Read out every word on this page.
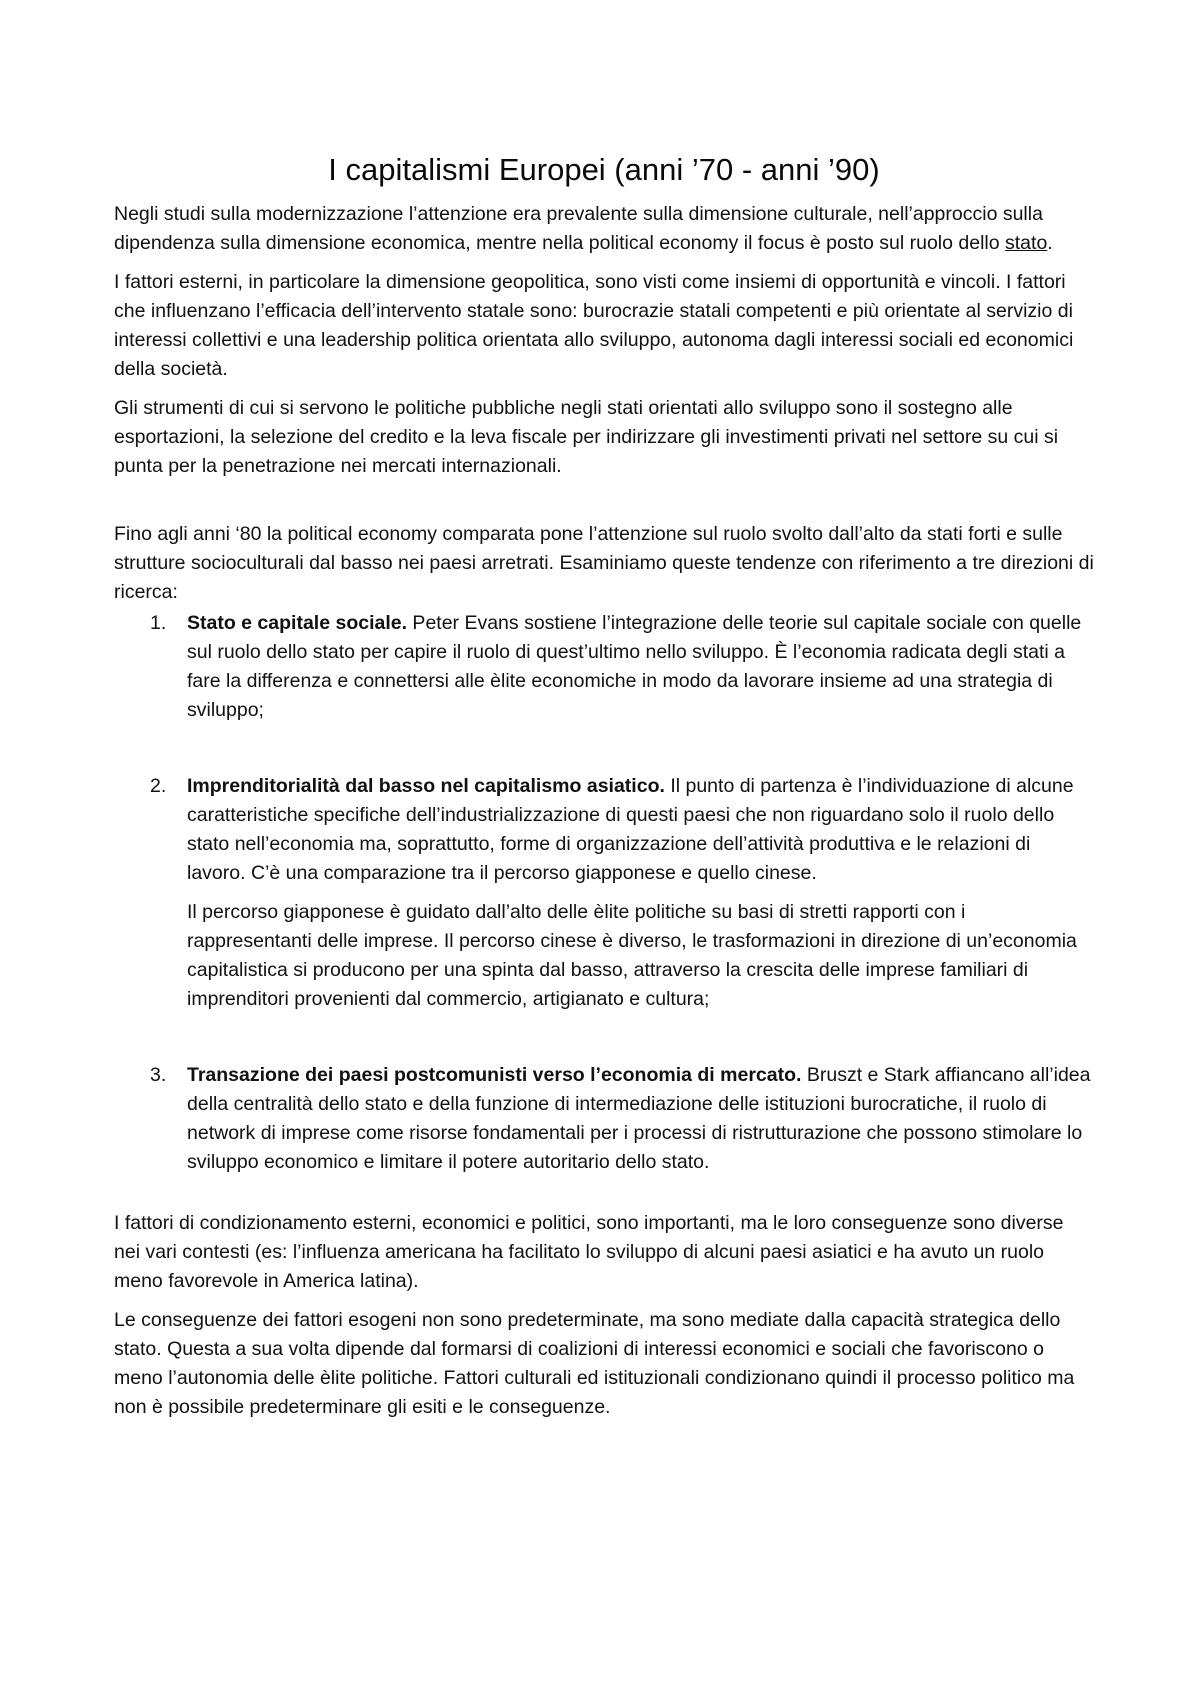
I capitalismi Europei (anni ’70 - anni ’90)

Negli studi sulla modernizzazione l’attenzione era prevalente sulla dimensione culturale, nell’approccio sulla dipendenza sulla dimensione economica, mentre nella political economy il focus è posto sul ruolo dello stato.

I fattori esterni, in particolare la dimensione geopolitica, sono visti come insiemi di opportunità e vincoli. I fattori che influenzano l’efficacia dell’intervento statale sono: burocrazie statali competenti e più orientate al servizio di interessi collettivi e una leadership politica orientata allo sviluppo, autonoma dagli interessi sociali ed economici della società.

Gli strumenti di cui si servono le politiche pubbliche negli stati orientati allo sviluppo sono il sostegno alle esportazioni, la selezione del credito e la leva fiscale per indirizzare gli investimenti privati nel settore su cui si punta per la penetrazione nei mercati internazionali.

Fino agli anni ‘80 la political economy comparata pone l’attenzione sul ruolo svolto dall’alto da stati forti e sulle strutture socioculturali dal basso nei paesi arretrati. Esaminiamo queste tendenze con riferimento a tre direzioni di ricerca:

1. Stato e capitale sociale. Peter Evans sostiene l’integrazione delle teorie sul capitale sociale con quelle sul ruolo dello stato per capire il ruolo di quest’ultimo nello sviluppo. È l’economia radicata degli stati a fare la differenza e connettersi alle èlite economiche in modo da lavorare insieme ad una strategia di sviluppo;

2. Imprenditorialità dal basso nel capitalismo asiatico. Il punto di partenza è l’individuazione di alcune caratteristiche specifiche dell’industrializzazione di questi paesi che non riguardano solo il ruolo dello stato nell’economia ma, soprattutto, forme di organizzazione dell’attività produttiva e le relazioni di lavoro. C’è una comparazione tra il percorso giapponese e quello cinese.

Il percorso giapponese è guidato dall’alto delle èlite politiche su basi di stretti rapporti con i rappresentanti delle imprese. Il percorso cinese è diverso, le trasformazioni in direzione di un’economia capitalistica si producono per una spinta dal basso, attraverso la crescita delle imprese familiari di imprenditori provenienti dal commercio, artigianato e cultura;

3. Transazione dei paesi postcomunisti verso l’economia di mercato. Bruszt e Stark affiancano all’idea della centralità dello stato e della funzione di intermediazione delle istituzioni burocratiche, il ruolo di network di imprese come risorse fondamentali per i processi di ristrutturazione che possono stimolare lo sviluppo economico e limitare il potere autoritario dello stato.

I fattori di condizionamento esterni, economici e politici, sono importanti, ma le loro conseguenze sono diverse nei vari contesti (es: l’influenza americana ha facilitato lo sviluppo di alcuni paesi asiatici e ha avuto un ruolo meno favorevole in America latina).

Le conseguenze dei fattori esogeni non sono predeterminate, ma sono mediate dalla capacità strategica dello stato. Questa a sua volta dipende dal formarsi di coalizioni di interessi economici e sociali che favoriscono o meno l’autonomia delle èlite politiche. Fattori culturali ed istituzionali condizionano quindi il processo politico ma non è possibile predeterminare gli esiti e le conseguenze.
